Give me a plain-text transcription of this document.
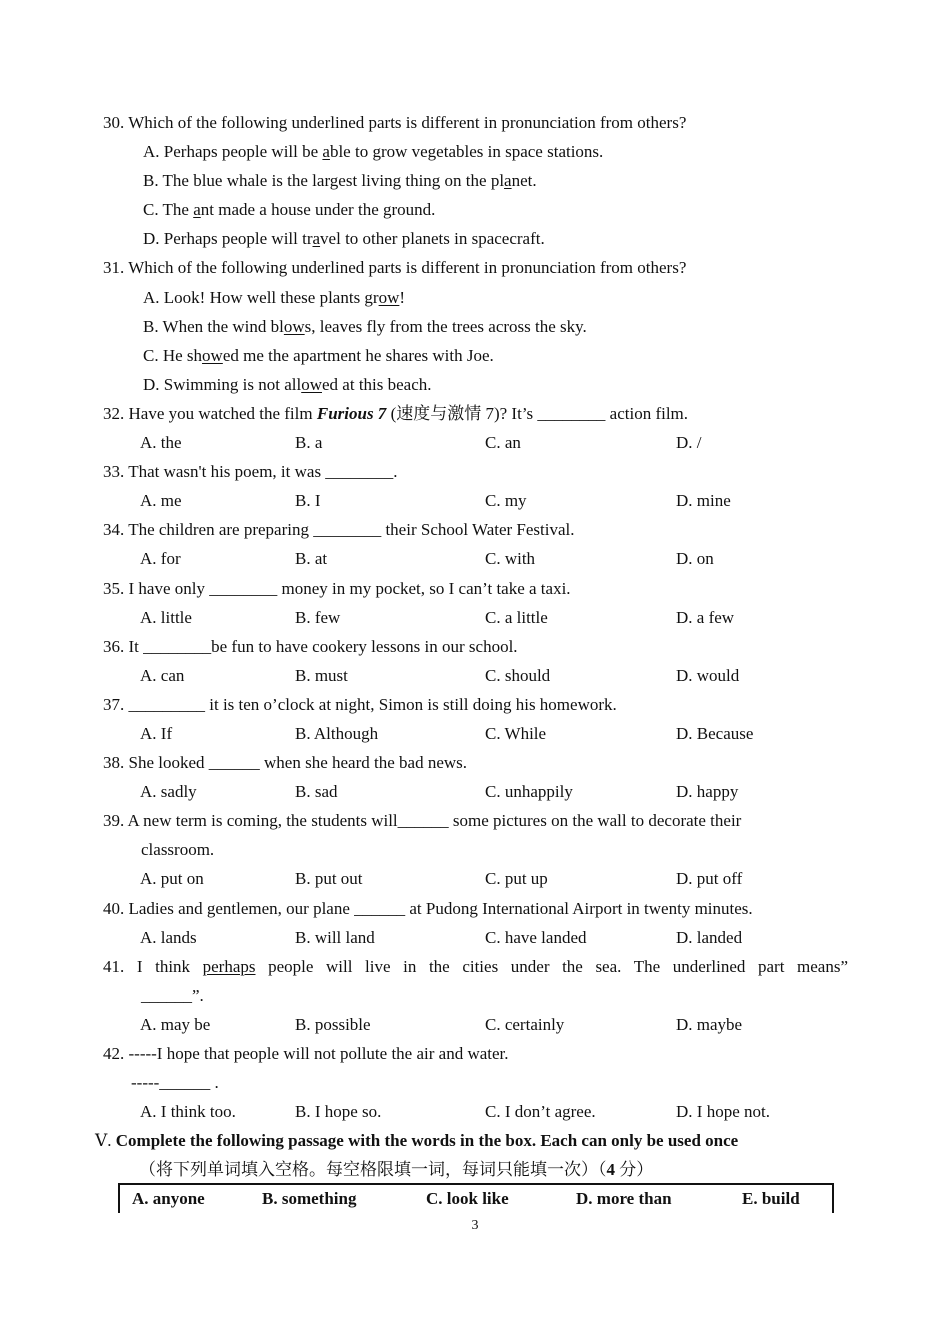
30. Which of the following underlined parts is different in pronunciation from others?
A. Perhaps people will be able to grow vegetables in space stations.
B. The blue whale is the largest living thing on the planet.
C. The ant made a house under the ground.
D. Perhaps people will travel to other planets in spacecraft.
31. Which of the following underlined parts is different in pronunciation from others?
A. Look! How well these plants grow!
B. When the wind blows, leaves fly from the trees across the sky.
C. He showed me the apartment he shares with Joe.
D. Swimming is not allowed at this beach.
32. Have you watched the film Furious 7 (速度与激情 7)? It’s ________ action film.
A. the	B. a	C. an	D. /
33. That wasn't his poem, it was ________.
A. me	B. I	C. my	D. mine
34. The children are preparing ________ their School Water Festival.
A. for	B. at	C. with	D. on
35. I have only ________ money in my pocket, so I can’t take a taxi.
A. little	B. few	C. a little	D. a few
36. It ________be fun to have cookery lessons in our school.
A. can	B. must	C. should	D. would
37. _________ it is ten o’clock at night, Simon is still doing his homework.
A. If	B. Although	C. While	D. Because
38. She looked ______ when she heard the bad news.
A. sadly	B. sad	C. unhappily	D. happy
39. A new term is coming, the students will______ some pictures on the wall to decorate their
classroom.
A. put on	B. put out	C. put up	D. put off
40. Ladies and gentlemen, our plane ______ at Pudong International Airport in twenty minutes.
A. lands	B. will land	C. have landed	D. landed
41. I think perhaps people will live in the cities under the sea. The underlined part means”
______”.
A. may be	B. possible	C. certainly	D. maybe
42. -----I hope that people will not pollute the air and water.
-----______ .
A. I think too.	B. I hope so.	C. I don’t agree.	D. I hope not.
Ⅴ. Complete the following passage with the words in the box. Each can only be used once
（将下列单词填入空格。每空格限填一词，每词只能填一次）（4 分）
A. anyone	B. something	C. look like	D. more than	E. build
3
